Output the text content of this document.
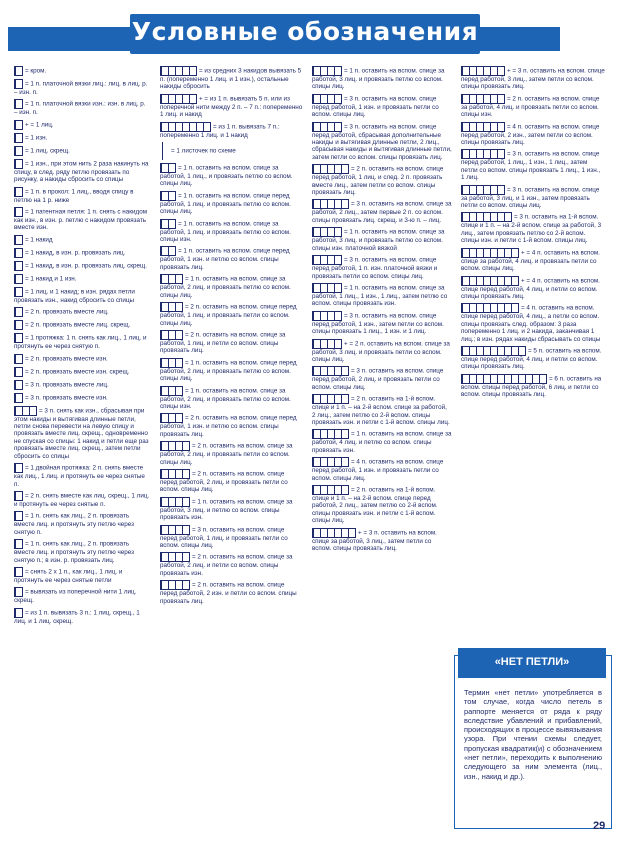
Условные обозначения
= кром.
= 1 п. платочной вязки лиц.: лиц. в лиц. р. – изн. п.
= 1 п. платочной вязки изн.: изн. в лиц. р. – изн. п.
+ = 1 лиц.
= 1 изн.
= 1 лиц. скрещ.
= 1 изн., при этом нить 2 раза накинуть на спицу, в след. ряду петлю провязать по рисунку, а накиды сбросить со спицы
= 1 п. в прокол: 1 лиц., вводя спицу в петлю на 1 р. ниже
= 1 патентная петля: 1 п. снять с накидом как изн., в изн. р. петлю с накидом провязать вместе изн.
= 1 накид
= 1 накид, в изн. р. провязать лиц.
= 1 накид, в изн. р. провязать лиц. скрещ.
= 1 накид и 1 изн.
= 1 лиц. и 1 накид; в изн. рядах петли провязать изн., накид сбросить со спицы
= 2 п. провязать вместе лиц.
= 2 п. провязать вместе лиц. скрещ.
= 1 протяжка: 1 п. снять как лиц., 1 лиц. и протянуть ее через снятую п.
= 2 п. провязать вместе изн.
= 2 п. провязать вместе изн. скрещ.
= 3 п. провязать вместе лиц.
= 3 п. провязать вместе изн.
= 3 п. снять как изн., сбрасывая при этом накиды и вытягивая длинные петли, петли снова перевести на левую спицу и провязать вместе лиц. скрещ., одновременно не спуская со спицы: 1 накид и петли еще раз провязать вместе лиц. скрещ., затем петли сбросить со спицы
= 1 двойная протяжка: 2 п. снять вместе как лиц., 1 лиц. и протянуть ее через снятые п.
= 2 п. снять вместе как лиц. скрещ., 1 лиц. и протянуть ее через снятые п.
= 1 п. снять как лиц., 2 п. провязать вместе лиц. и протянуть эту петлю через снятую п.
= 1 п. снять как лиц., 2 п. провязать вместе лиц. и протянуть эту петлю через снятую п.; в изн. р. провязать лиц.
= снять 2 х 1 п., как лиц., 1 лиц. и протянуть ее через снятые петли
= вывязать из поперечной нити 1 лиц. скрещ.
= из 1 п. вывязать 3 п.: 1 лиц. скрещ., 1 лиц. и 1 лиц. скрещ.
= из средних 3 накидов вывязать 5 п. (попеременно 1 лиц. и 1 изн.), остальные накиды сбросить
+ = из 1 п. вывязать 5 п. или из поперечной нити между 2 п. – 7 п.: попеременно 1 лиц. и накид
= из 1 п. вывязать 7 п.: попеременно 1 лиц. и 1 накид
= 1 листочек по схеме
= 1 п. оставить на вспом. спице за работой, 1 лиц., и провязать петлю со вспом. спицы лиц.
= 1 п. оставить на вспом. спице перед работой, 1 лиц. и провязать петлю со вспом. спицы лиц.
= 1 п. оставить на вспом. спице за работой, 1 лиц. и провязать петлю со вспом. спицы изн.
= 1 п. оставить на вспом. спице перед работой, 1 изн. и петлю со вспом. спицы провязать лиц.
= 1 п. оставить на вспом. спице за работой, 2 лиц. и провязать петлю со вспом. спицы лиц.
= 2 п. оставить на вспом. спице перед работой, 1 лиц. и провязать петли со вспом. спицы лиц.
= 2 п. оставить на вспом. спице за работой, 1 лиц. и петли со вспом. спицы провязать лиц.
= 1 п. оставить на вспом. спице перед работой, 2 лиц. и провязать петлю со вспом. спицы лиц.
= 1 п. оставить на вспом. спице за работой, 2 лиц. и провязать петлю со вспом. спицы изн.
= 2 п. оставить на вспом. спице перед работой, 1 изн. и петлю со вспом. спицы провязать лиц.
= 2 п. оставить на вспом. спице за работой, 2 лиц. и провязать петли со вспом. спицы лиц.
= 2 п. оставить на вспом. спице перед работой, 2 лиц. и провязать петли со вспом. спицы лиц.
= 1 п. оставить на вспом. спице за работой, 3 лиц. и петлю со вспом. спицы провязать изн.
= 3 п. оставить на вспом. спице перед работой, 1 лиц. и провязать петли со вспом. спицы лиц.
= 2 п. оставить на вспом. спице за работой, 2 лиц. и петли со вспом. спицы провязать изн.
= 2 п. оставить на вспом. спице перед работой, 2 изн. и петли со вспом. спицы провязать лиц.
= 1 п. оставить на вспом. спице за работой, 3 лиц. и провязать петлю со вспом. спицы лиц.
= 3 п. оставить на вспом. спице перед работой, 1 изн. и провязать петли со вспом. спицы лиц.
= 3 п. оставить на вспом. спице перед работой, сбрасывая дополнительные накиды и вытягивая длинные петли, 2 лиц., сбрасывая накиды и вытягивая длинные петли, затем петли со вспом. спицы провязать лиц.
= 2 п. оставить на вспом. спице перед работой, 1 лиц. и след. 2 п. провязать вместе лиц., затем петли со вспом. спицы провязать лиц.
= 3 п. оставить на вспом. спице за работой, 2 лиц., затем первые 2 п. со вспом. спицы провязать лиц. скрещ. и 3-ю п. – лиц.
= 1 п. оставить на вспом. спице за работой, 3 лиц. и провязать петлю со вспом. спицы изн. платочной вязкой
= 3 п. оставить на вспом. спице перед работой, 1 п. изн. платочной вязки и провязать петли со вспом. спицы лиц.
= 1 п. оставить на вспом. спице за работой, 1 лиц., 1 изн., 1 лиц., затем петлю со вспом. спицы провязать изн.
= 3 п. оставить на вспом. спице перед работой, 1 изн., затем петли со вспом. спицы провязать 1 лиц., 1 изн. и 1 лиц.
+ = 2 п. оставить на вспом. спице за работой, 3 лиц. и провязать петли со вспом. спицы лиц.
= 3 п. оставить на вспом. спице перед работой, 2 лиц. и провязать петли со вспом. спицы лиц.
= 2 п. оставить на 1-й вспом. спице и 1 п. – на 2-й вспом. спице за работой, 2 лиц., затем петлю со 2-й вспом. спицы провязать изн. и петли с 1-й вспом. спицы лиц.
= 1 п. оставить на вспом. спице за работой, 4 лиц. и петлю со вспом. спицы провязать изн.
= 4 п. оставить на вспом. спице перед работой, 1 изн. и провязать петли со вспом. спицы лиц.
= 2 п. оставить на 1-й вспом. спице и 1 п. – на 2-й вспом. спице перед работой, 2 лиц., затем петлю со 2-й вспом. спицы провязать изн. и петли с 1-й вспом. спицы лиц.
+ = 3 п. оставить на вспом. спице за работой, 3 лиц., затем петли со вспом. спицы провязать лиц.
+ = 3 п. оставить на вспом. спице перед работой, 3 лиц., затем петли со вспом. спицы провязать лиц.
= 2 п. оставить на вспом. спице за работой, 4 лиц. и провязать петли со вспом. спицы изн.
= 4 п. оставить на вспом. спице перед работой, 2 изн., затем петли со вспом. спицы провязать лиц.
= 3 п. оставить на вспом. спице перед работой, 1 лиц., 1 изн., 1 лиц., затем петли со вспом. спицы провязать 1 лиц., 1 изн., 1 лиц.
= 3 п. оставить на вспом. спице за работой, 3 лиц. и 1 изн., затем провязать петли со вспом. спицы лиц.
= 3 п. оставить на 1-й вспом. спице и 1 п. – на 2-й вспом. спице за работой, 3 лиц., затем провязать петлю со 2-й вспом. спицы изн. и петли с 1-й вспом. спицы лиц.
+ = 4 п. оставить на вспом. спице за работой, 4 лиц. и провязать петли со вспом. спицы лиц.
+ = 4 п. оставить на вспом. спице перед работой, 4 лиц. и петли со вспом. спицы провязать лиц.
= 4 п. оставить на вспом. спице перед работой, 4 лиц., а петли со вспом. спицы провязать след. образом: 3 раза попеременно 1 лиц. и 2 накида, заканчивая 1 лиц.; в изн. рядах накиды сбрасывать со спицы
= 5 п. оставить на вспом. спице перед работой, 4 лиц. и петли со вспом. спицы провязать лиц.
= 6 п. оставить на вспом. спицы перед работой, 6 лиц. и петли со вспом. спицы провязать лиц.
«НЕТ ПЕТЛИ»
Термин «нет петли» употребляется в том случае, когда число петель в раппорте меняется от ряда к ряду вследствие убавлений и прибавлений, происходящих в процессе вывязывания узора. При чтении схемы следует, пропуская квадратик(и) с обозначением «нет петли», переходить к выполнению следующего за ним элемента (лиц., изн., накид и др.).
29
